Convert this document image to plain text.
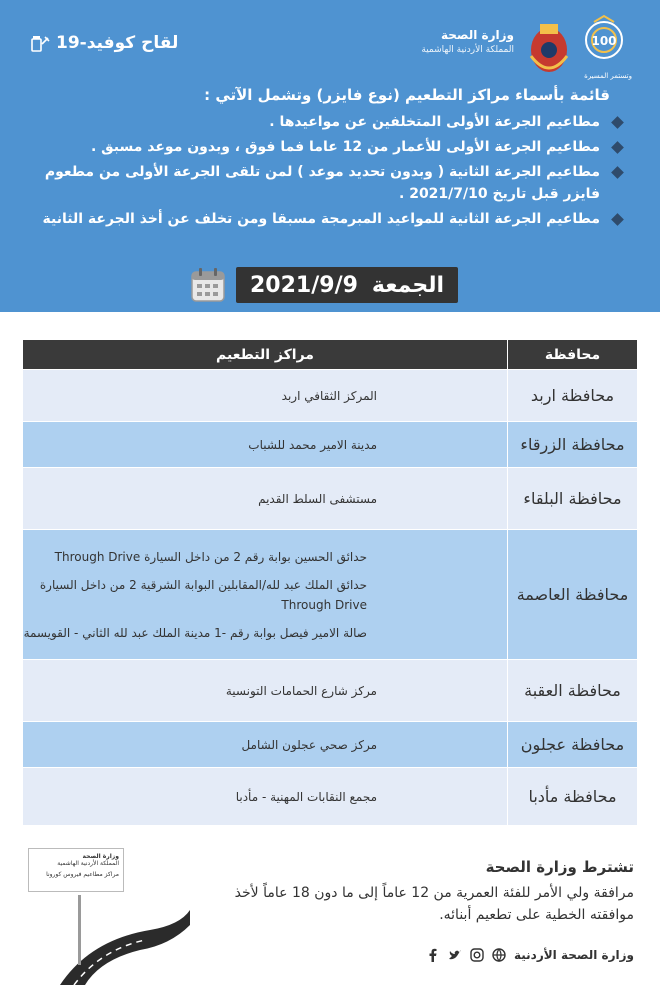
100
وزارة الصحة
المملكة الأردنية الهاشمية
وتستمر المسيرة
لقاح كوفيد-19
قائمة بأسماء مراكز التطعيم (نوع فايزر) وتشمل الآتي :
مطاعيم الجرعة الأولى المتخلفين عن مواعيدها .
مطاعيم الجرعة الأولى للأعمار من 12 عاما فما فوق ، وبدون موعد مسبق .
مطاعيم الجرعة الثانية ( وبدون تحديد موعد ) لمن تلقى الجرعة الأولى من مطعوم فايزر قبل تاريخ 2021/7/10 .
مطاعيم الجرعة الثانية للمواعيد المبرمجة مسبقا ومن تخلف عن أخذ الجرعة الثانية
الجمعة
2021/9/9
محافظة	مراكز التطعيم
محافظة اربد	المركز الثقافي اربد
محافظة الزرقاء	مدينة الامير محمد للشباب
محافظة البلقاء	مستشفى السلط القديم
محافظة العاصمة	حدائق الحسين بوابة رقم 2 من داخل السيارة Through Drive
حدائق الملك عبد لله/المقابلين البوابة الشرقية 2 من داخل السيارة Through Drive
صالة الامير فيصل بوابة رقم -1 مدينة الملك عبد لله الثاني - القويسمة

محافظة العقبة	مركز شارع الحمامات التونسية
محافظة عجلون	مركز صحي عجلون الشامل
محافظة مأدبا	مجمع النقابات المهنية - مأدبا
وزارة الصحة
المملكة الأردنية الهاشمية
مراكز مطاعيم فيروس كورونا	تشترط وزارة الصحة
مرافقة ولي الأمر للفئة العمرية من 12 عاماً إلى ما دون 18 عاماً لأخذ موافقته الخطية على تطعيم أبنائه.
وزارة الصحة الأردنية
